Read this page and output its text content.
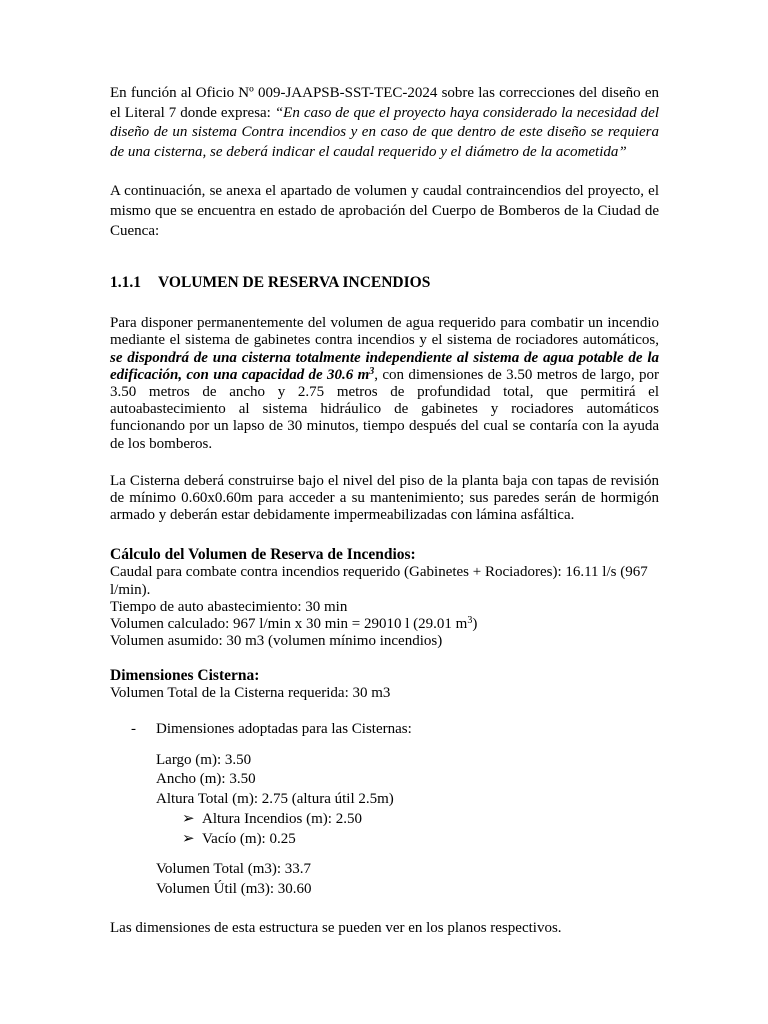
En función al Oficio Nº 009-JAAPSB-SST-TEC-2024 sobre las correcciones del diseño en el Literal 7 donde expresa: “En caso de que el proyecto haya considerado la necesidad del diseño de un sistema Contra incendios y en caso de que dentro de este diseño se requiera de una cisterna, se deberá indicar el caudal requerido y el diámetro de la acometida”

A continuación, se anexa el apartado de volumen y caudal contraincendios del proyecto, el mismo que se encuentra en estado de aprobación del Cuerpo de Bomberos de la Ciudad de Cuenca:

1.1.1 VOLUMEN DE RESERVA INCENDIOS

Para disponer permanentemente del volumen de agua requerido para combatir un incendio mediante el sistema de gabinetes contra incendios y el sistema de rociadores automáticos, se dispondrá de una cisterna totalmente independiente al sistema de agua potable de la edificación, con una capacidad de 30.6 $m^3$, con dimensiones de 3.50 metros de largo, por 3.50 metros de ancho y 2.75 metros de profundidad total, que permitirá el autoabastecimiento al sistema hidráulico de gabinetes y rociadores automáticos funcionando por un lapso de 30 minutos, tiempo después del cual se contaría con la ayuda de los bomberos.

La Cisterna deberá construirse bajo el nivel del piso de la planta baja con tapas de revisión de mínimo 0.60x0.60m para acceder a su mantenimiento; sus paredes serán de hormigón armado y deberán estar debidamente impermeabilizadas con lámina asfáltica.

Cálculo del Volumen de Reserva de Incendios:

Caudal para combate contra incendios requerido (Gabinetes + Rociadores): 16.11 l/s (967 l/min).

Tiempo de auto abastecimiento: 30 min

Volumen calculado: 967 l/min x 30 min = 29010 l (29.01 $m^3$)

Volumen asumido: 30 m3 (volumen mínimo incendios)

Dimensiones Cisterna:

Volumen Total de la Cisterna requerida: 30 m3

- Dimensiones adoptadas para las Cisternas:
Largo (m): 3.50
Ancho (m): 3.50
Altura Total (m): 2.75 (altura útil 2.5m)
➢ Altura Incendios (m): 2.50
➢ Vacío (m): 0.25
Volumen Total (m3): 33.7
Volumen Útil (m3): 30.60

Las dimensiones de esta estructura se pueden ver en los planos respectivos.
